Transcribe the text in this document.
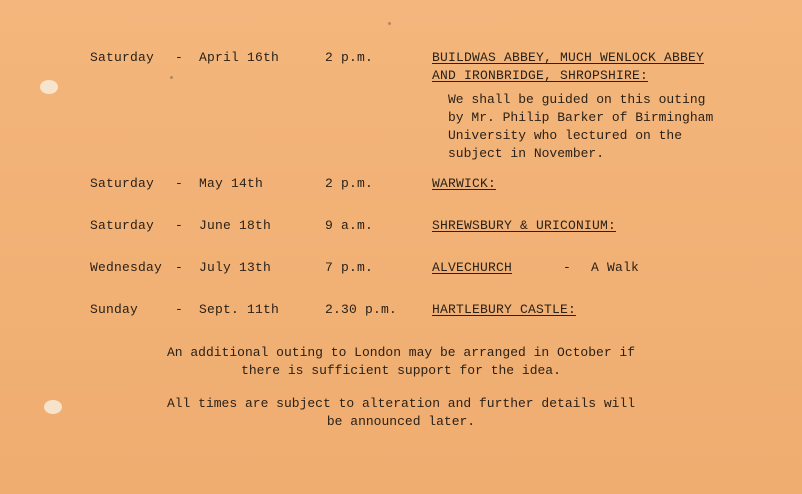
Saturday - April 16th	2 p.m.	BUILDWAS ABBEY, MUCH WENLOCK ABBEY
AND IRONBRIDGE, SHROPSHIRE:
We shall be guided on this outing
by Mr. Philip Barker of Birmingham
University who lectured on the
subject in November.
Saturday - May 14th	2 p.m.	WARWICK:
Saturday - June 18th	9 a.m.	SHREWSBURY & URICONIUM:
Wednesday - July 13th	7 p.m.	ALVECHURCH	- A Walk
Sunday	- Sept. 11th	2.30 p.m.	HARTLEBURY CASTLE:
An additional outing to London may be arranged in October if
there is sufficient support for the idea.
All times are subject to alteration and further details will
be announced later.
